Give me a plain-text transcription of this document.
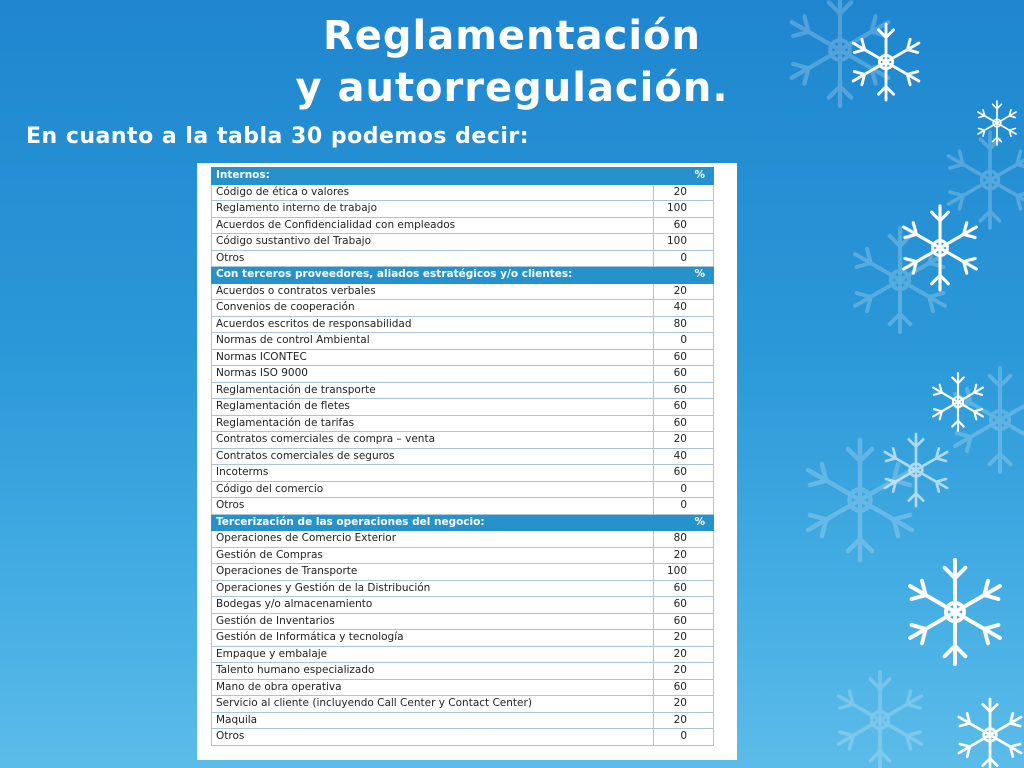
Reglamentación
y autorregulación.
En cuanto a la tabla 30 podemos decir:
Internos:	%
Código de ética o valores	20
Reglamento interno de trabajo	100
Acuerdos de Confidencialidad con empleados	60
Código sustantivo del Trabajo	100
Otros	0
Con terceros proveedores, aliados estratégicos y/o clientes:	%
Acuerdos o contratos verbales	20
Convenios de cooperación	40
Acuerdos escritos de responsabilidad	80
Normas de control Ambiental	0
Normas ICONTEC	60
Normas ISO 9000	60
Reglamentación de transporte	60
Reglamentación de fletes	60
Reglamentación de tarifas	60
Contratos comerciales de compra – venta	20
Contratos comerciales de seguros	40
Incoterms	60
Código del comercio	0
Otros	0
Tercerización de las operaciones del negocio:	%
Operaciones de Comercio Exterior	80
Gestión de Compras	20
Operaciones de Transporte	100
Operaciones y Gestión de la Distribución	60
Bodegas y/o almacenamiento	60
Gestión de Inventarios	60
Gestión de Informática y tecnología	20
Empaque y embalaje	20
Talento humano especializado	20
Mano de obra operativa	60
Servicio al cliente (incluyendo Call Center y Contact Center)	20
Maquila	20
Otros	0
